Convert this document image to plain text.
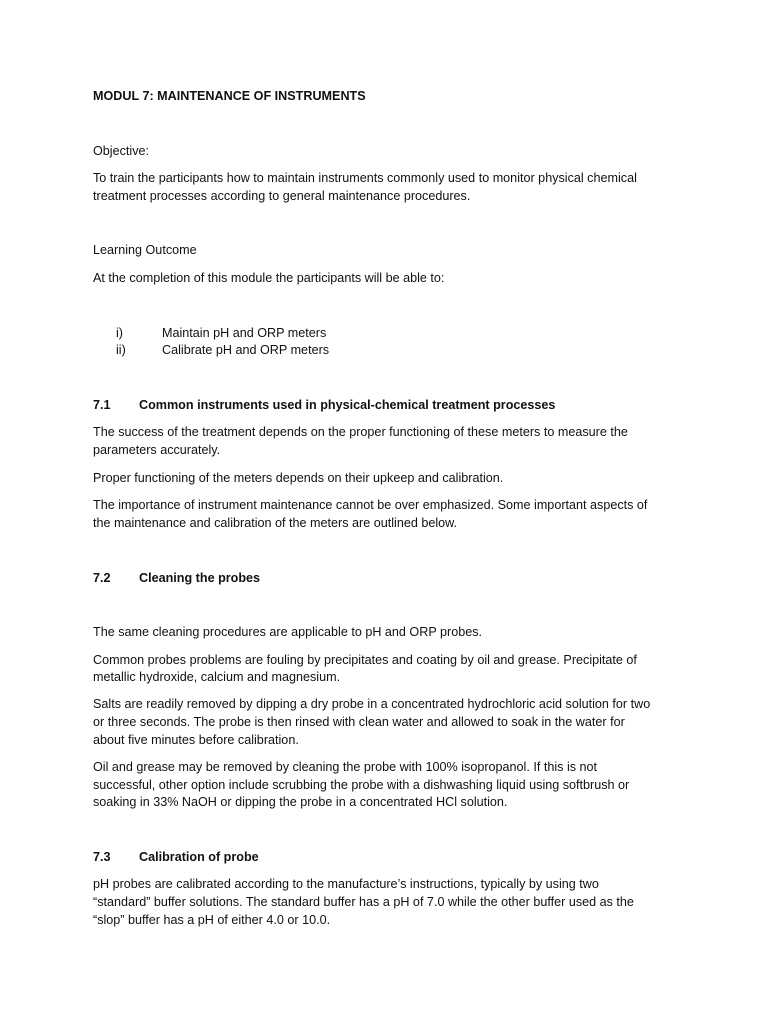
MODUL 7: MAINTENANCE OF INSTRUMENTS
Objective:
To train the participants how to maintain instruments commonly used to monitor physical chemical
treatment processes according to general maintenance procedures.
Learning Outcome
At the completion of this module the participants will be able to:
i)	Maintain pH and ORP meters
ii)	Calibrate pH and ORP meters
7.1 Common instruments used in physical-chemical treatment processes
The success of the treatment depends on the proper functioning of these meters to measure the
parameters accurately.
Proper functioning of the meters depends on their upkeep and calibration.
The importance of instrument maintenance cannot be over emphasized. Some important aspects of
the maintenance and calibration of the meters are outlined below.
7.2 Cleaning the probes
The same cleaning procedures are applicable to pH and ORP probes.
Common probes problems are fouling by precipitates and coating by oil and grease. Precipitate of
metallic hydroxide, calcium and magnesium.
Salts are readily removed by dipping a dry probe in a concentrated hydrochloric acid solution for two
or three seconds. The probe is then rinsed with clean water and allowed to soak in the water for
about five minutes before calibration.
Oil and grease may be removed by cleaning the probe with 100% isopropanol. If this is not
successful, other option include scrubbing the probe with a dishwashing liquid using softbrush or
soaking in 33% NaOH or dipping the probe in a concentrated HCl solution.
7.3 Calibration of probe
pH probes are calibrated according to the manufacture’s instructions, typically by using two
“standard” buffer solutions. The standard buffer has a pH of 7.0 while the other buffer used as the
“slop” buffer has a pH of either 4.0 or 10.0.
